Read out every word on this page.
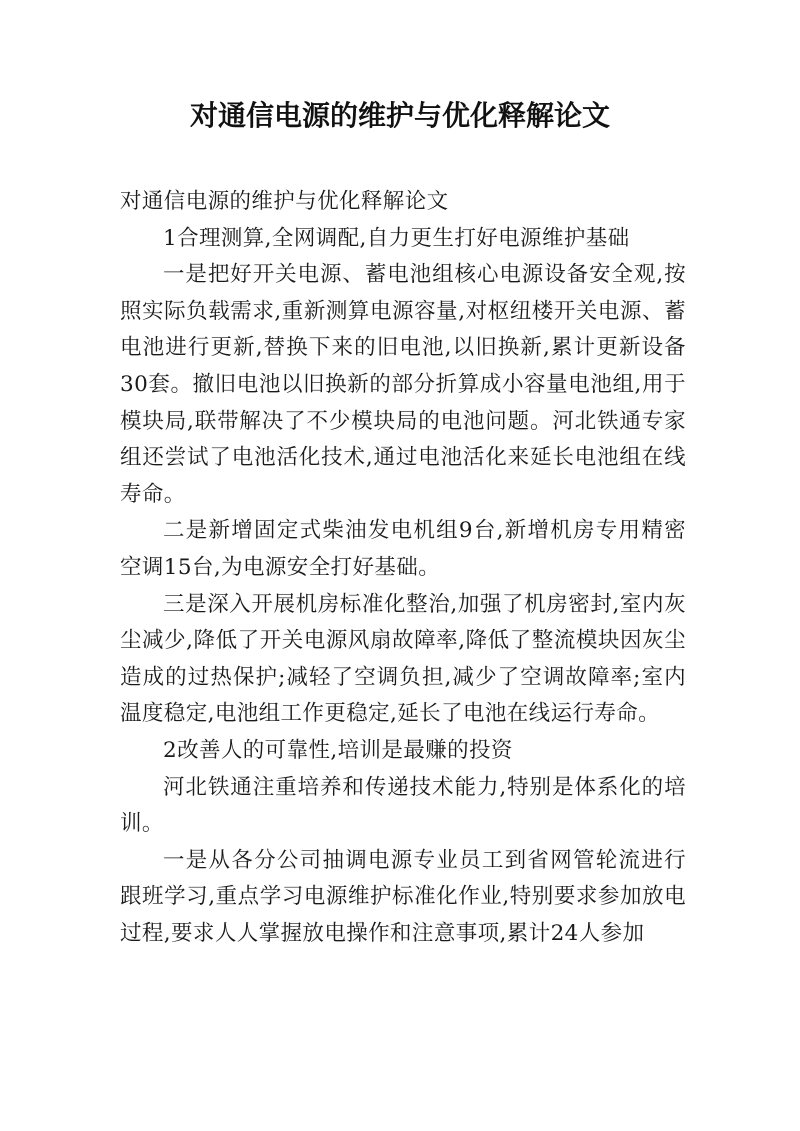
对通信电源的维护与优化释解论文

对通信电源的维护与优化释解论文

1合理测算,全网调配,自力更生打好电源维护基础

一是把好开关电源、蓄电池组核心电源设备安全观,按照实际负载需求,重新测算电源容量,对枢纽楼开关电源、蓄电池进行更新,替换下来的旧电池,以旧换新,累计更新设备30套。撤旧电池以旧换新的部分折算成小容量电池组,用于模块局,联带解决了不少模块局的电池问题。河北铁通专家组还尝试了电池活化技术,通过电池活化来延长电池组在线寿命。

二是新增固定式柴油发电机组9台,新增机房专用精密空调15台,为电源安全打好基础。

三是深入开展机房标准化整治,加强了机房密封,室内灰尘减少,降低了开关电源风扇故障率,降低了整流模块因灰尘造成的过热保护;减轻了空调负担,减少了空调故障率;室内温度稳定,电池组工作更稳定,延长了电池在线运行寿命。

2改善人的可靠性,培训是最赚的投资

河北铁通注重培养和传递技术能力,特别是体系化的培训。

一是从各分公司抽调电源专业员工到省网管轮流进行跟班学习,重点学习电源维护标准化作业,特别要求参加放电过程,要求人人掌握放电操作和注意事项,累计24人参加
